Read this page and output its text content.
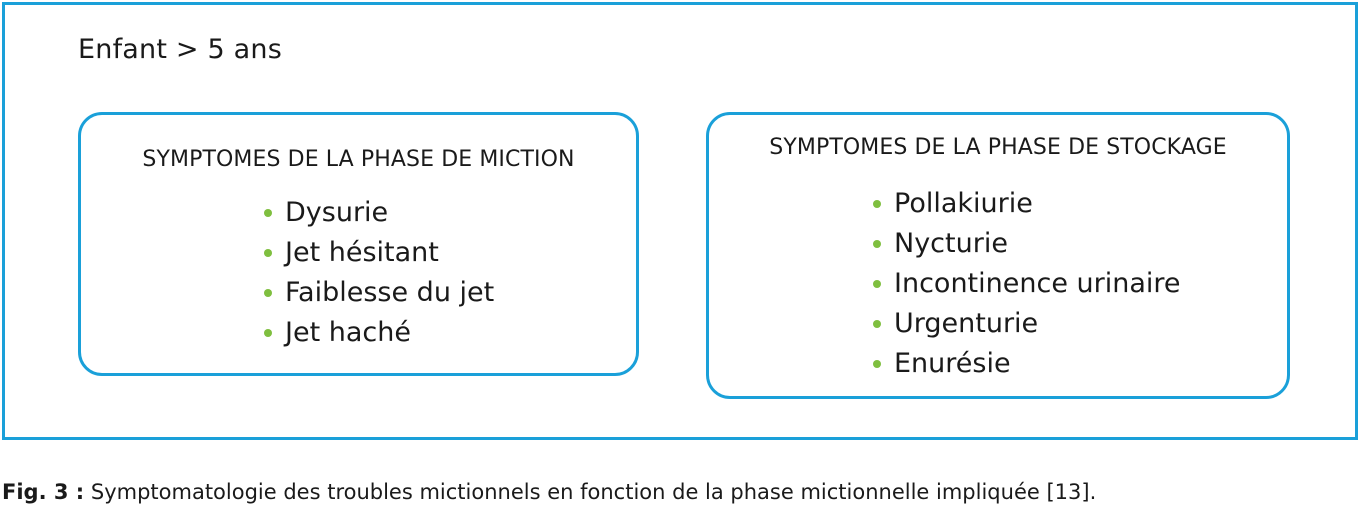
Enfant > 5 ans
SYMPTOMES DE LA PHASE DE MICTION
Dysurie
Jet hésitant
Faiblesse du jet
Jet haché
SYMPTOMES DE LA PHASE DE STOCKAGE
Pollakiurie
Nycturie
Incontinence urinaire
Urgenturie
Enurésie
Fig. 3 : Symptomatologie des troubles mictionnels en fonction de la phase mictionnelle impliquée [13].
